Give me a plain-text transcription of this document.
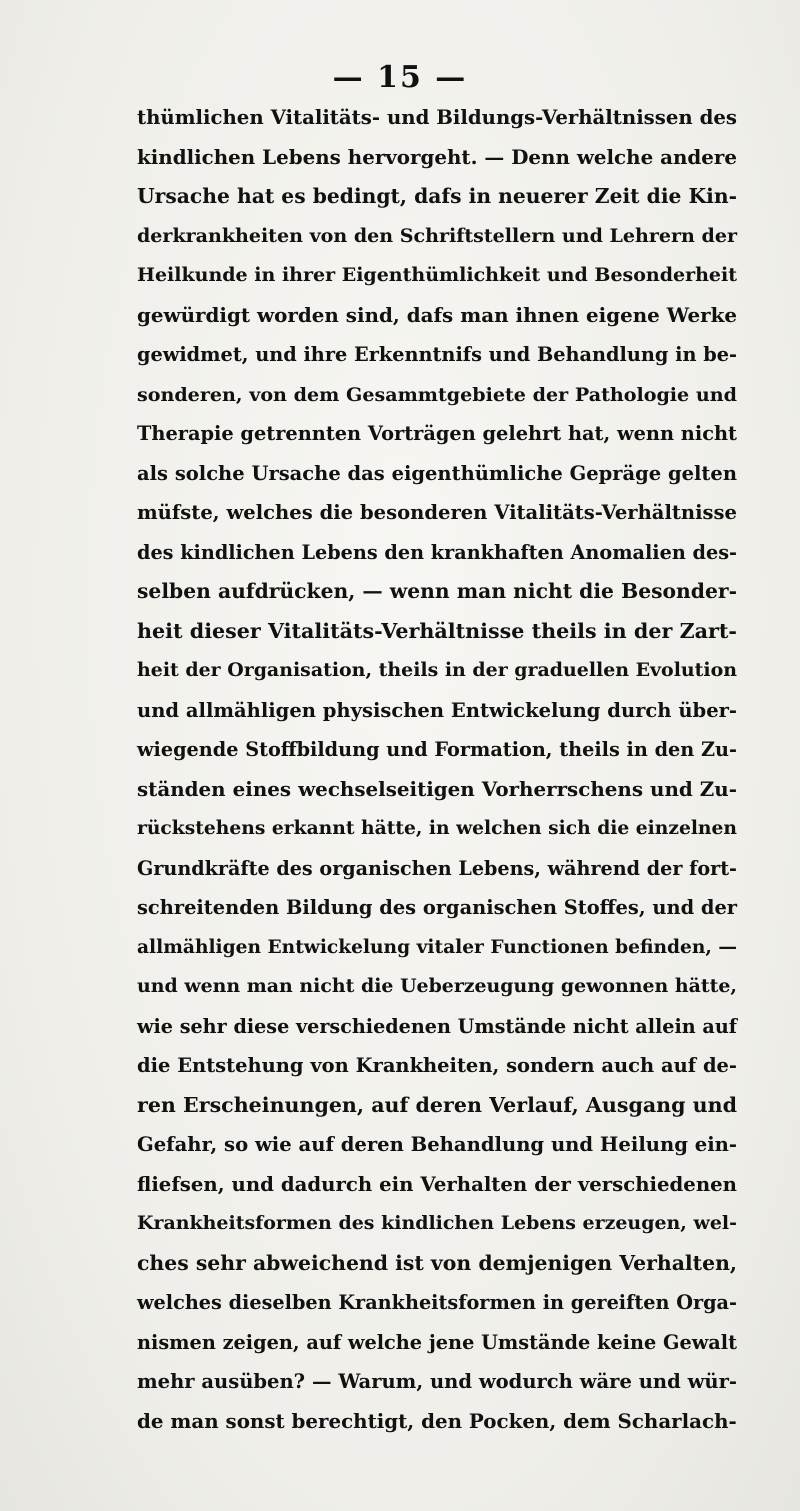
— 15 —
thümlichen Vitalitäts- und Bildungs-Verhältnissen des
kindlichen Lebens hervorgeht. — Denn welche andere
Ursache hat es bedingt, dafs in neuerer Zeit die Kin-
derkrankheiten von den Schriftstellern und Lehrern der
Heilkunde in ihrer Eigenthümlichkeit und Besonderheit
gewürdigt worden sind, dafs man ihnen eigene Werke
gewidmet, und ihre Erkenntnifs und Behandlung in be-
sonderen, von dem Gesammtgebiete der Pathologie und
Therapie getrennten Vorträgen gelehrt hat, wenn nicht
als solche Ursache das eigenthümliche Gepräge gelten
müfste, welches die besonderen Vitalitäts-Verhältnisse
des kindlichen Lebens den krankhaften Anomalien des-
selben aufdrücken, — wenn man nicht die Besonder-
heit dieser Vitalitäts-Verhältnisse theils in der Zart-
heit der Organisation, theils in der graduellen Evolution
und allmähligen physischen Entwickelung durch über-
wiegende Stoffbildung und Formation, theils in den Zu-
ständen eines wechselseitigen Vorherrschens und Zu-
rückstehens erkannt hätte, in welchen sich die einzelnen
Grundkräfte des organischen Lebens, während der fort-
schreitenden Bildung des organischen Stoffes, und der
allmähligen Entwickelung vitaler Functionen befinden, —
und wenn man nicht die Ueberzeugung gewonnen hätte,
wie sehr diese verschiedenen Umstände nicht allein auf
die Entstehung von Krankheiten, sondern auch auf de-
ren Erscheinungen, auf deren Verlauf, Ausgang und
Gefahr, so wie auf deren Behandlung und Heilung ein-
fliefsen, und dadurch ein Verhalten der verschiedenen
Krankheitsformen des kindlichen Lebens erzeugen, wel-
ches sehr abweichend ist von demjenigen Verhalten,
welches dieselben Krankheitsformen in gereiften Orga-
nismen zeigen, auf welche jene Umstände keine Gewalt
mehr ausüben? — Warum, und wodurch wäre und wür-
de man sonst berechtigt, den Pocken, dem Scharlach-
